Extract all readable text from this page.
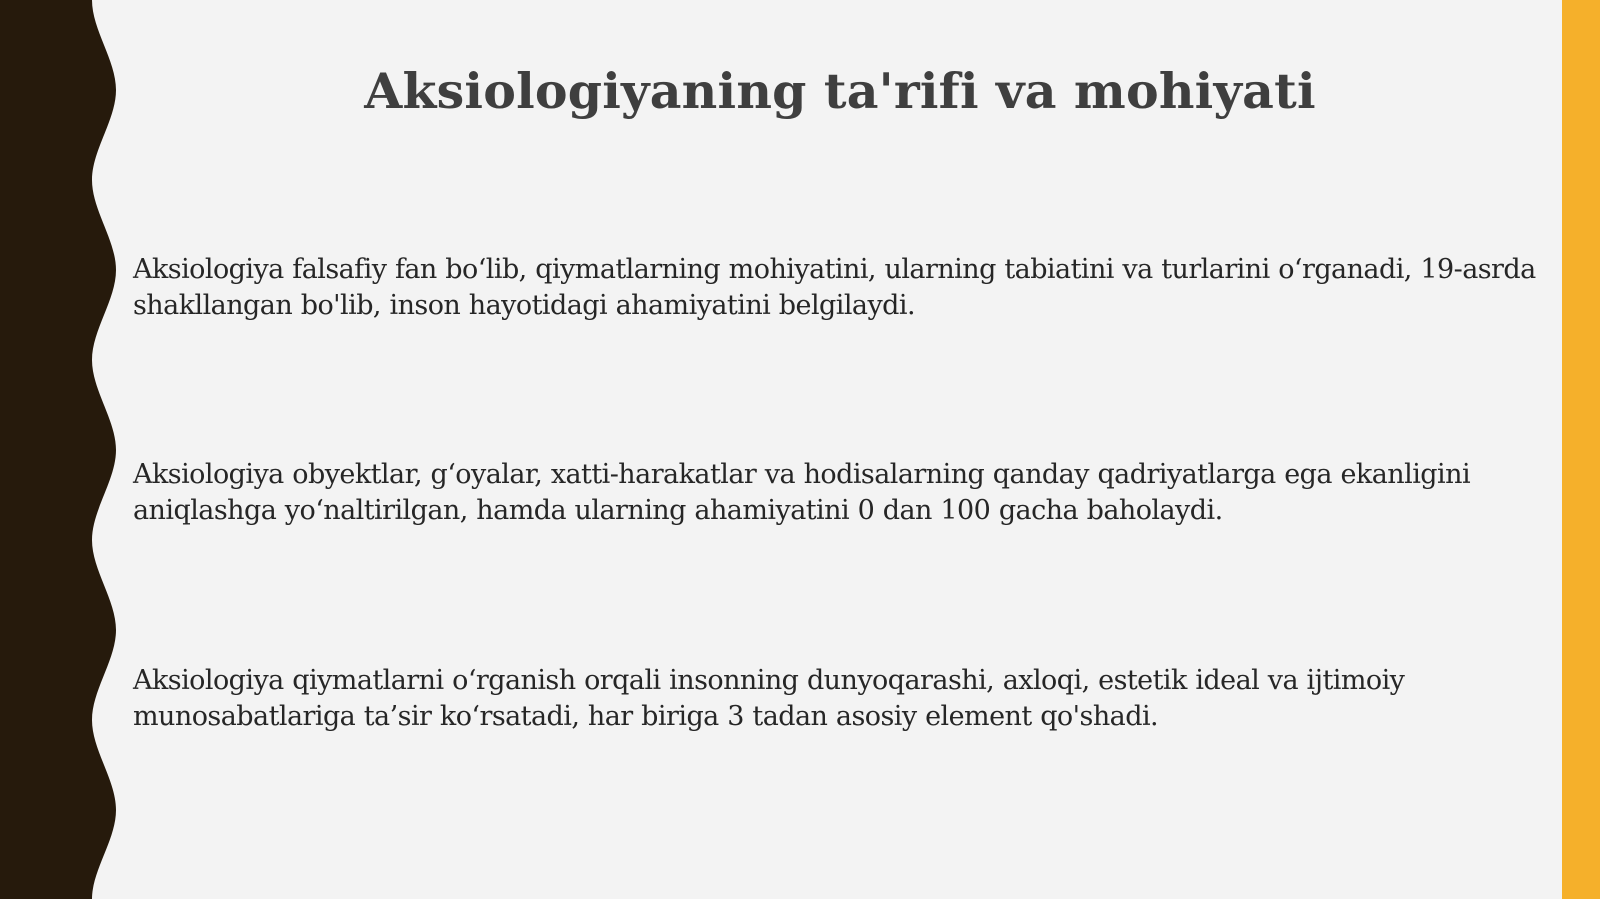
Aksiologiyaning ta'rifi va mohiyati

Aksiologiya falsafiy fan bo‘lib, qiymatlarning mohiyatini, ularning tabiatini va turlarini o‘rganadi, 19-asrda shakllangan bo'lib, inson hayotidagi ahamiyatini belgilaydi.

Aksiologiya obyektlar, g‘oyalar, xatti-harakatlar va hodisalarning qanday qadriyatlarga ega ekanligini aniqlashga yo‘naltirilgan, hamda ularning ahamiyatini 0 dan 100 gacha baholaydi.

Aksiologiya qiymatlarni o‘rganish orqali insonning dunyoqarashi, axloqi, estetik ideal va ijtimoiy munosabatlariga ta’sir ko‘rsatadi, har biriga 3 tadan asosiy element qo'shadi.
